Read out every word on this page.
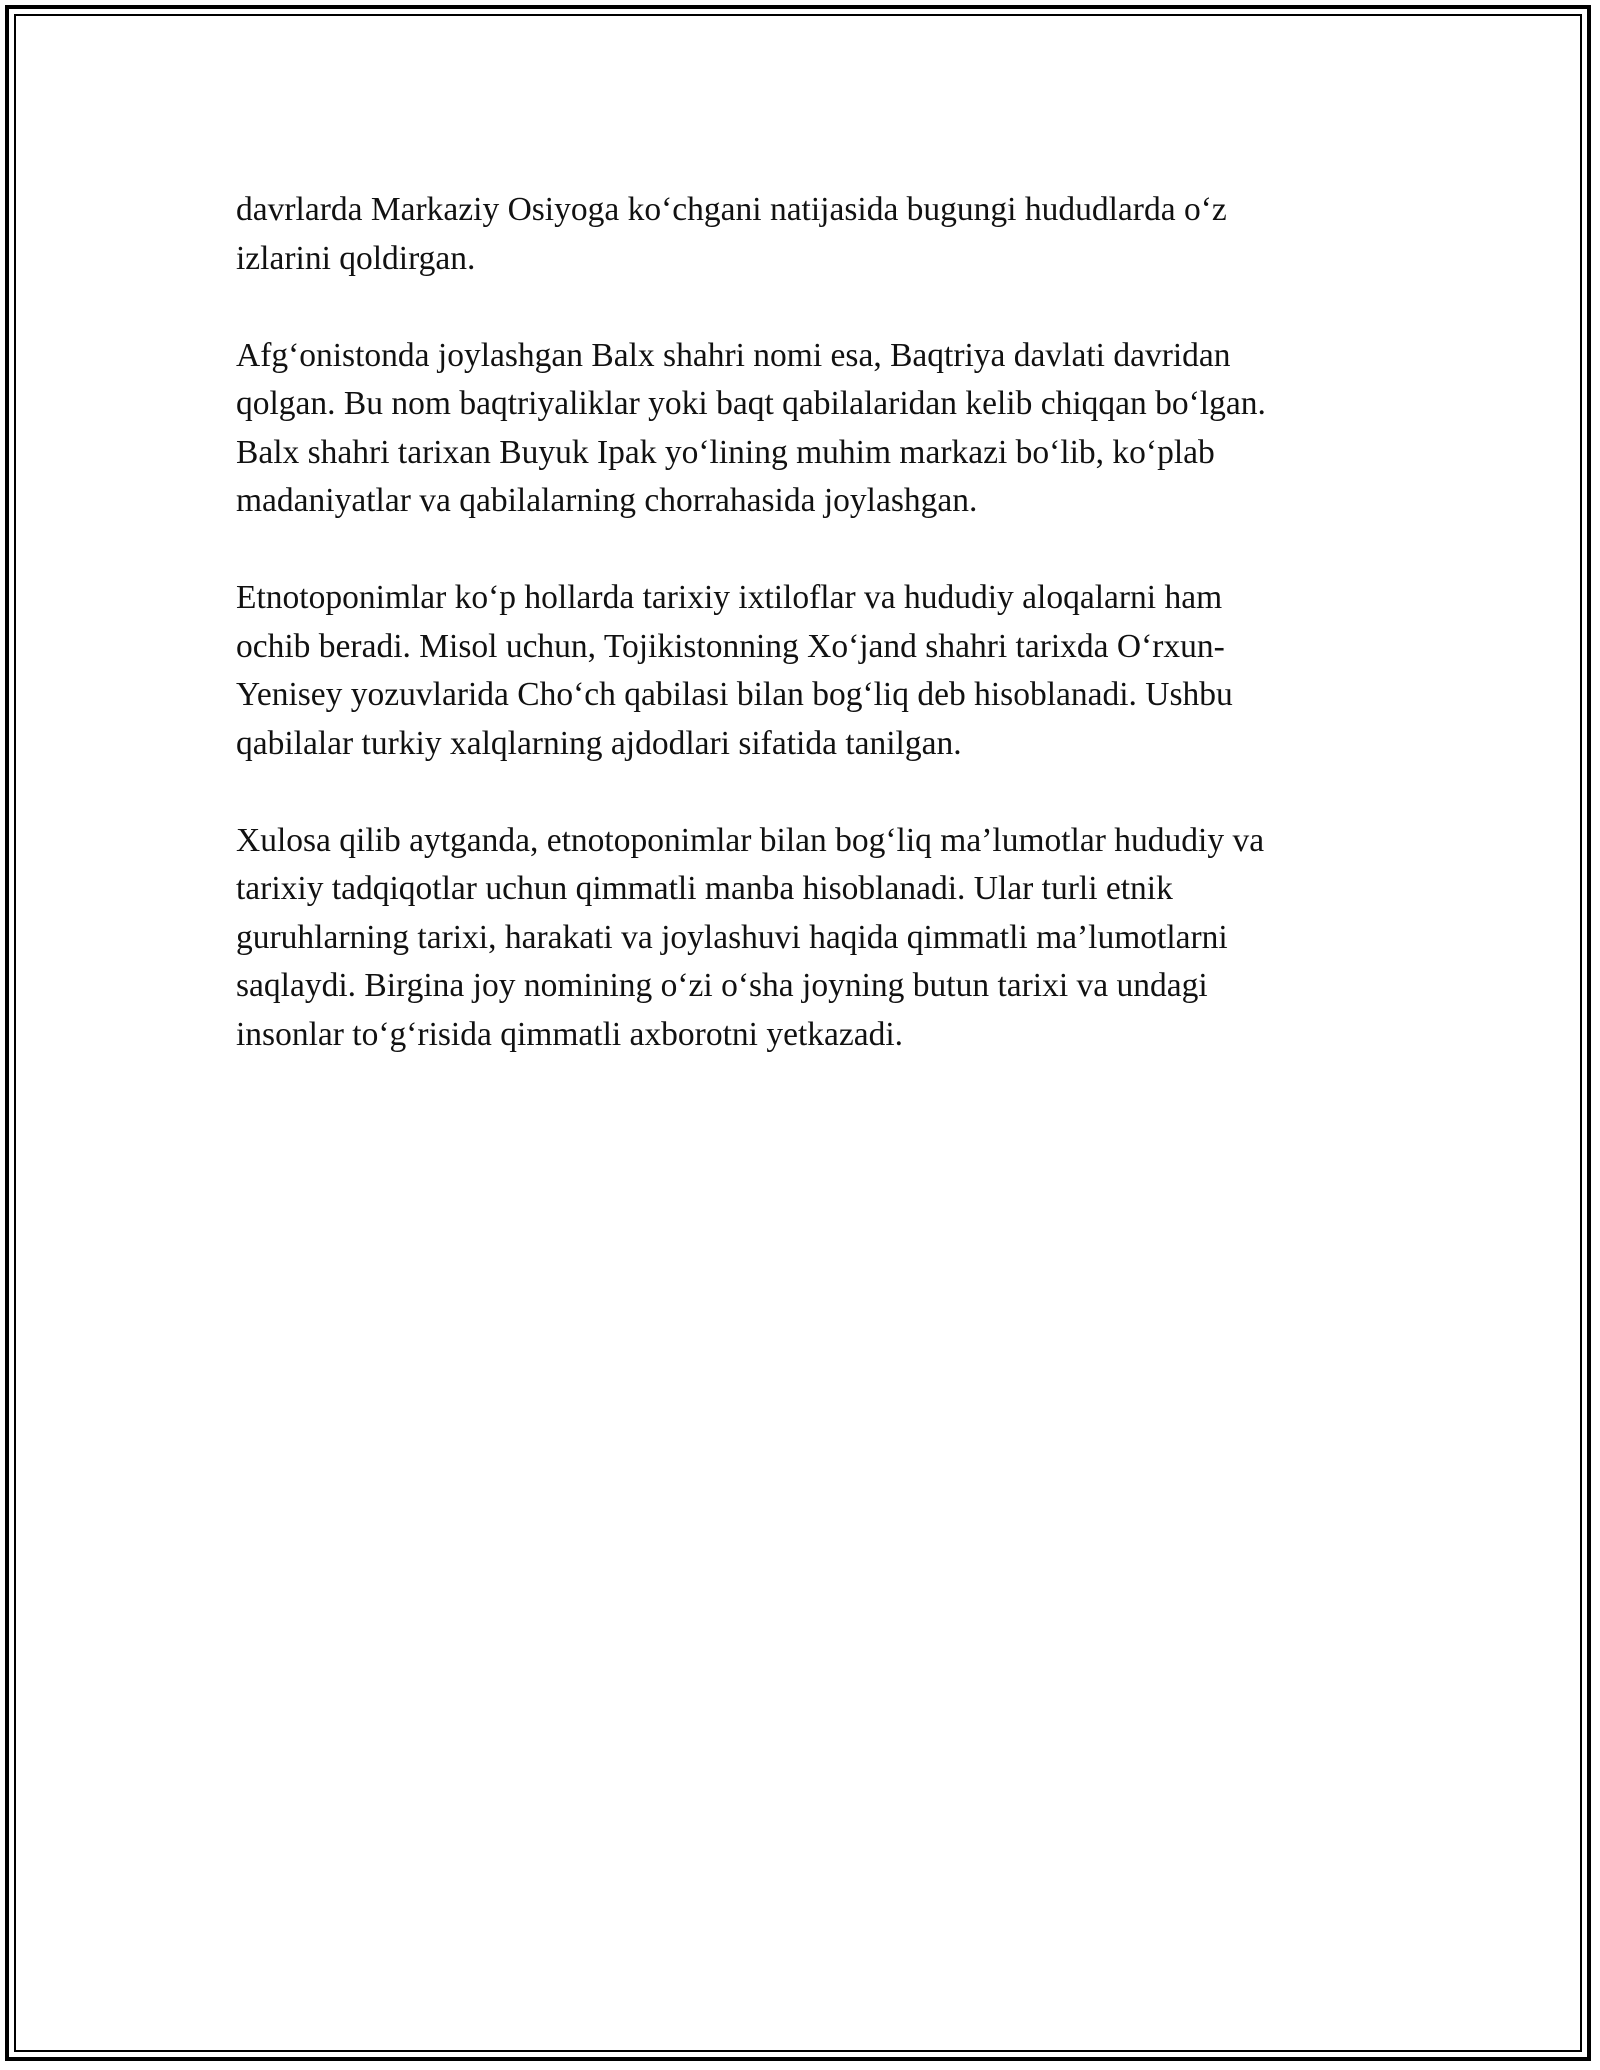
davrlarda Markaziy Osiyoga ko‘chgani natijasida bugungi hududlarda o‘z
izlarini qoldirgan.

Afg‘onistonda joylashgan Balx shahri nomi esa, Baqtriya davlati davridan
qolgan. Bu nom baqtriyaliklar yoki baqt qabilalaridan kelib chiqqan bo‘lgan.
Balx shahri tarixan Buyuk Ipak yo‘lining muhim markazi bo‘lib, ko‘plab
madaniyatlar va qabilalarning chorrahasida joylashgan.

Etnotoponimlar ko‘p hollarda tarixiy ixtiloflar va hududiy aloqalarni ham
ochib beradi. Misol uchun, Tojikistonning Xo‘jand shahri tarixda O‘rxun-
Yenisey yozuvlarida Cho‘ch qabilasi bilan bog‘liq deb hisoblanadi. Ushbu
qabilalar turkiy xalqlarning ajdodlari sifatida tanilgan.

Xulosa qilib aytganda, etnotoponimlar bilan bog‘liq ma’lumotlar hududiy va
tarixiy tadqiqotlar uchun qimmatli manba hisoblanadi. Ular turli etnik
guruhlarning tarixi, harakati va joylashuvi haqida qimmatli ma’lumotlarni
saqlaydi. Birgina joy nomining o‘zi o‘sha joyning butun tarixi va undagi
insonlar to‘g‘risida qimmatli axborotni yetkazadi.
